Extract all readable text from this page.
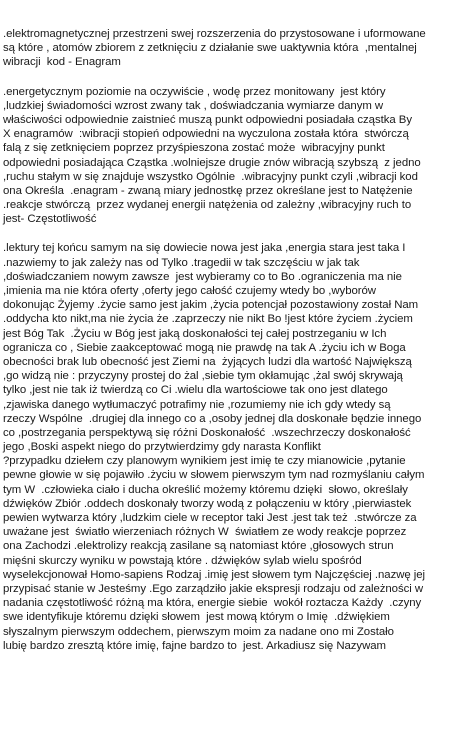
.elektromagnetycznej przestrzeni swej rozszerzenia do przystosowane i uformowane
są które , atomów zbiorem z zetknięciu z działanie swe uaktywnia która  ,mentalnej
wibracji  kod - Enagram
.energetycznym poziomie na oczywiście , wodę przez monitowany  jest który
,ludzkiej świadomości wzrost zwany tak , doświadczania wymiarze danym w
właściwości odpowiednie zaistnieć muszą punkt odpowiedni posiadała cząstka By
X enagramów  :wibracji stopień odpowiedni na wyczulona została która  stwórczą
falą z się zetknięciem poprzez przyśpieszona zostać może  wibracyjny punkt
odpowiedni posiadająca Cząstka .wolniejsze drugie znów wibracją szybszą  z jedno
,ruchu stałym w się znajduje wszystko Ogólnie  .wibracyjny punkt czyli ,wibracji kod
ona Określa  .enagram - zwaną miary jednostkę przez określane jest to Natężenie
.reakcje stwórczą  przez wydanej energii natężenia od zależny ,wibracyjny ruch to
jest- Częstotliwość
.lektury tej końcu samym na się dowiecie nowa jest jaka ,energia stara jest taka I
.nazwiemy to jak zależy nas od Tylko .tragedii w tak szczęściu w jak tak
,doświadczaniem nowym zawsze  jest wybieramy co to Bo .ograniczenia ma nie
,imienia ma nie która oferty ,oferty jego całość czujemy wtedy bo ,wyborów
dokonując Żyjemy .życie samo jest jakim ,życia potencjał pozostawiony został Nam
.oddycha kto nikt,ma nie życia że .zaprzeczy nie nikt Bo !jest które życiem .życiem
jest Bóg Tak  .Życiu w Bóg jest jaką doskonałości tej całej postrzeganiu w Ich
ogranicza co , Siebie zaakceptować mogą nie prawdę na tak A .życiu ich w Boga
obecności brak lub obecność jest Ziemi na  żyjących ludzi dla wartość Największą
,go widzą nie : przyczyny prostej do żal ,siebie tym okłamując ,żal swój skrywają
tylko ,jest nie tak iż twierdzą co Ci .wielu dla wartościowe tak ono jest dlatego
,zjawiska danego wytłumaczyć potrafimy nie ,rozumiemy nie ich gdy wtedy są
rzeczy Wspólne  .drugiej dla innego co a ,osoby jednej dla doskonałe będzie innego
co ,postrzegania perspektywą się różni Doskonałość  .wszechrzeczy doskonałość
jego ,Boski aspekt niego do przytwierdzimy gdy narasta Konflikt
?przypadku dziełem czy planowym wynikiem jest imię te czy mianowicie ,pytanie
pewne głowie w się pojawiło .życiu w słowem pierwszym tym nad rozmyślaniu całym
tym W  .człowieka ciało i ducha określić możemy któremu dzięki  słowo, określały
dźwięków Zbiór .oddech doskonały tworzy wodą z połączeniu w który ,pierwiastek
pewien wytwarza który ,ludzkim ciele w receptor taki Jest .jest tak też  .stwórcze za
uważane jest  światło wierzeniach różnych W  światłem ze wody reakcje poprzez
ona Zachodzi .elektrolizy reakcją zasilane są natomiast które ,głosowych strun
mięśni skurczy wyniku w powstają które . dźwięków sylab wielu spośród
wyselekcjonował Homo-sapiens Rodzaj .imię jest słowem tym Najczęściej .nazwę jej
przypisać stanie w Jesteśmy .Ego zarządziło jakie ekspresji rodzaju od zależności w
nadania częstotliwość różną ma która, energie siebie  wokół roztacza Każdy  .czyny
swe identyfikuje któremu dzięki słowem  jest mową którym o Imię  .dźwiękiem
słyszalnym pierwszym oddechem, pierwszym moim za nadane ono mi Zostało
lubię bardzo zresztą które imię, fajne bardzo to  jest. Arkadiusz się Nazywam
